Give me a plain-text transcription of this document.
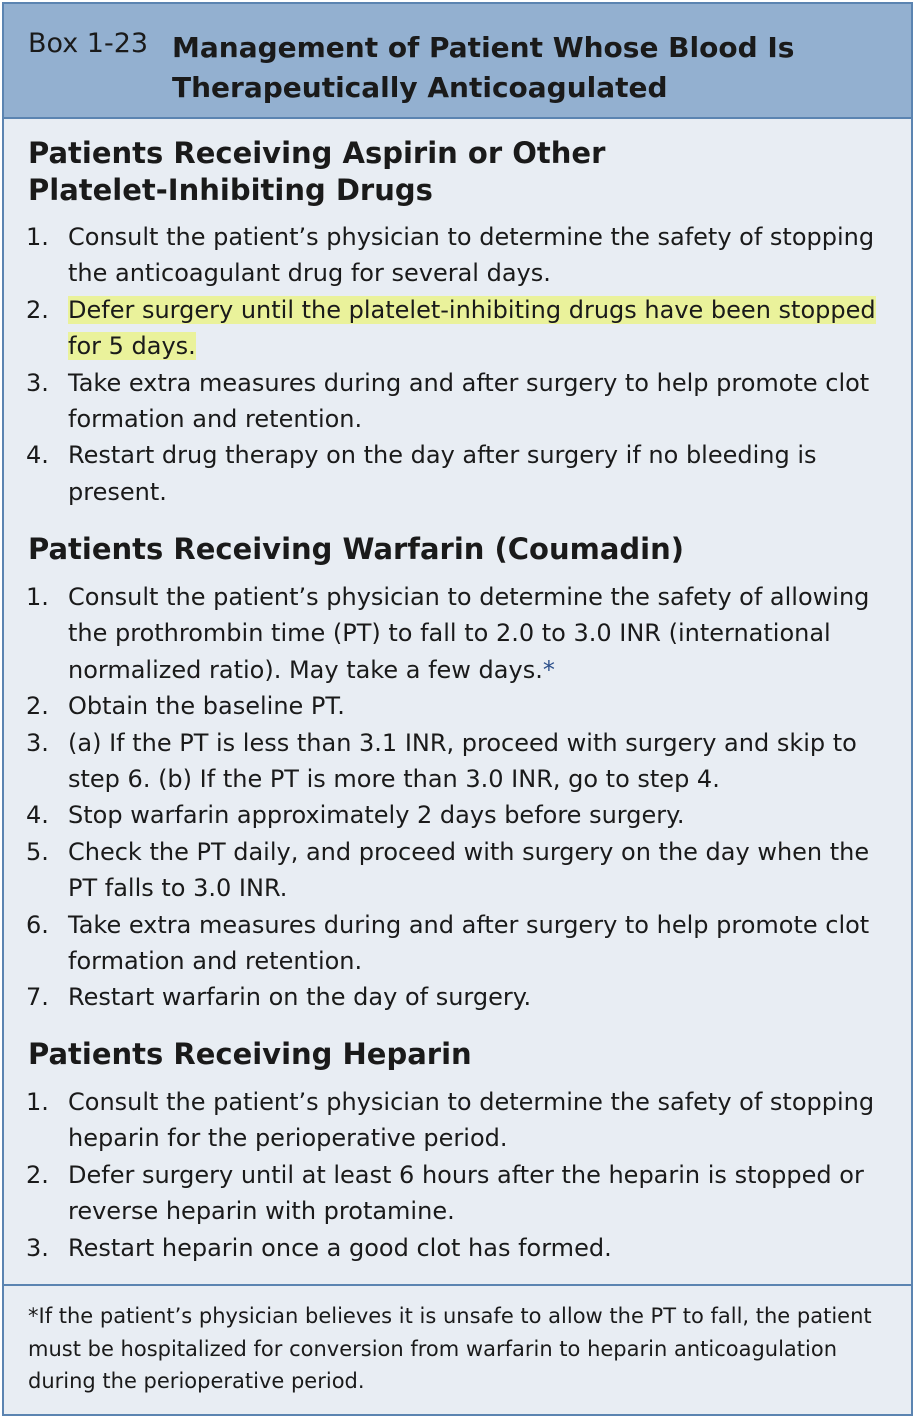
Box 1-23 Management of Patient Whose Blood Is Therapeutically Anticoagulated
Patients Receiving Aspirin or Other Platelet-Inhibiting Drugs
1. Consult the patient’s physician to determine the safety of stopping the anticoagulant drug for several days.
2. Defer surgery until the platelet-inhibiting drugs have been stopped for 5 days.
3. Take extra measures during and after surgery to help promote clot formation and retention.
4. Restart drug therapy on the day after surgery if no bleeding is present.
Patients Receiving Warfarin (Coumadin)
1. Consult the patient’s physician to determine the safety of allowing the prothrombin time (PT) to fall to 2.0 to 3.0 INR (international normalized ratio). May take a few days.*
2. Obtain the baseline PT.
3. (a) If the PT is less than 3.1 INR, proceed with surgery and skip to step 6. (b) If the PT is more than 3.0 INR, go to step 4.
4. Stop warfarin approximately 2 days before surgery.
5. Check the PT daily, and proceed with surgery on the day when the PT falls to 3.0 INR.
6. Take extra measures during and after surgery to help promote clot formation and retention.
7. Restart warfarin on the day of surgery.
Patients Receiving Heparin
1. Consult the patient’s physician to determine the safety of stopping heparin for the perioperative period.
2. Defer surgery until at least 6 hours after the heparin is stopped or reverse heparin with protamine.
3. Restart heparin once a good clot has formed.
*If the patient’s physician believes it is unsafe to allow the PT to fall, the patient must be hospitalized for conversion from warfarin to heparin anticoagulation during the perioperative period.
